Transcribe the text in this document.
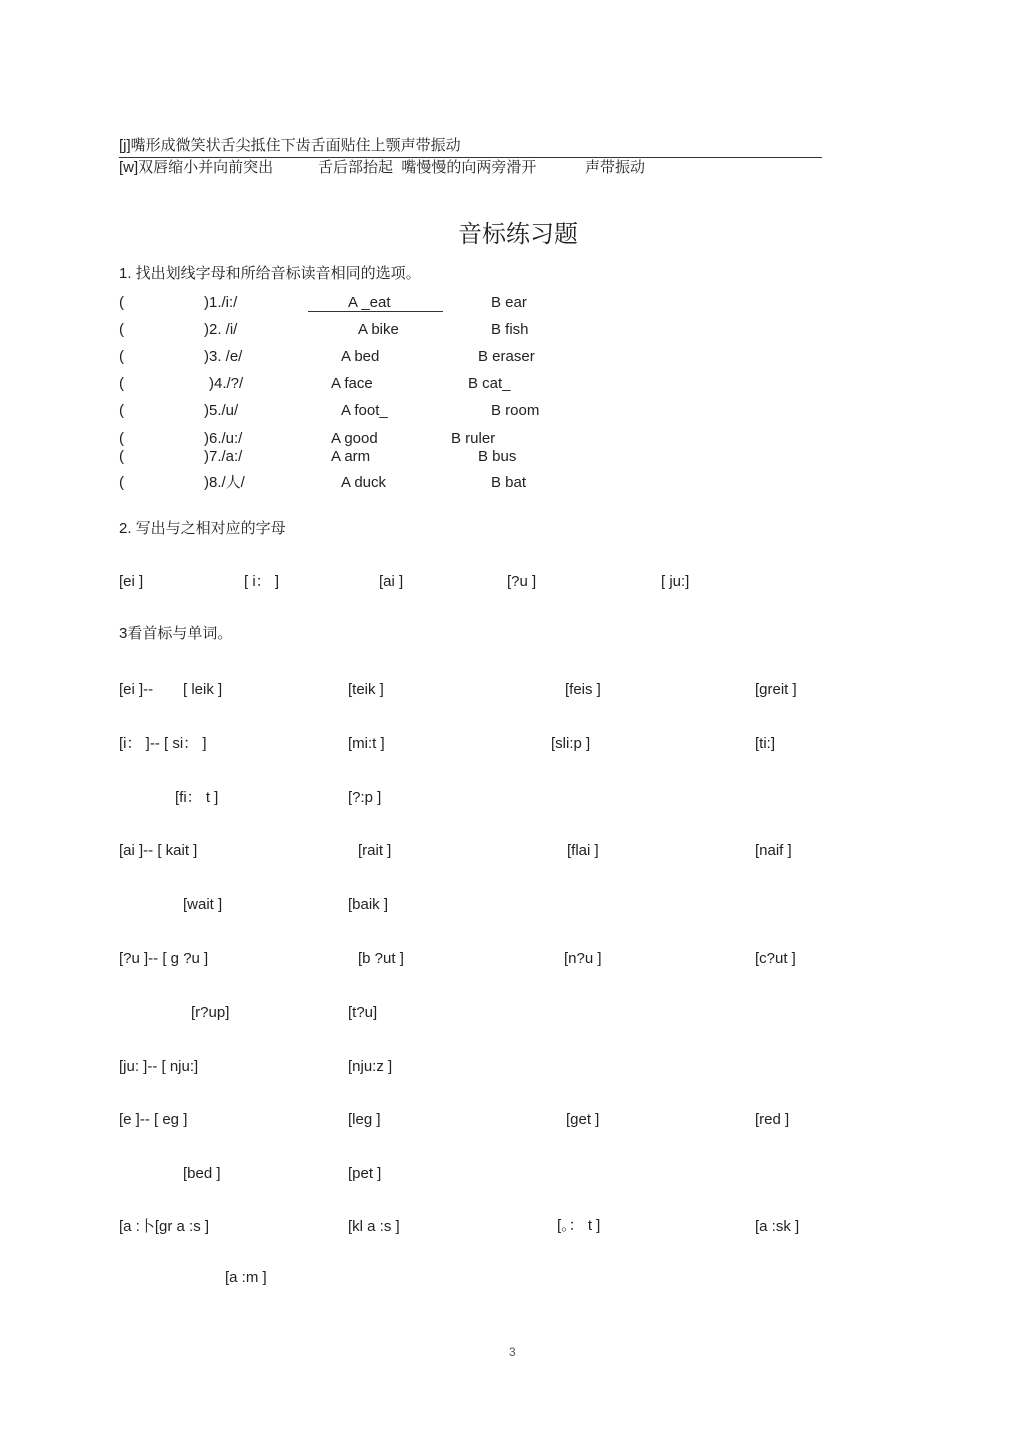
[j]嘴形成微笑状舌尖抵住下齿舌面贴住上颚声带振动
[w]双唇缩小并向前突出	舌后部抬起  嘴慢慢的向两旁滑开	声带振动
音标练习题
1. 找出划线字母和所给音标读音相同的选项。
(	)1./i:/	A _eat	B ear
(	)2. /i/	A bike	B fish
(	)3. /e/	A bed	B eraser
(	)4./?/	A face	B cat_
(	)5./u/	A foot_	B room
(	)6./u:/	A good	B ruler
(	)7./a:/	A arm	B bus
(	)8./人/	A duck	B bat
2. 写出与之相对应的字母
[ei ]	[ i： ]	[ai ]	[?u ]	[ ju:]
3看首标与单词。
[ei ]-- [ leik ]	[teik ]	[feis ]	[greit ]
[i： ]-- [ si： ]	[mi:t ]	[sli:p ]	[ti:]
[fi： t ]	[?:p ]
[ai ]-- [ kait ]	[rait ]	[flai ]	[naif ]
[wait ]	[baik ]
[?u ]-- [ g ?u ]	[b ?ut ]	[n?u ]	[c?ut ]
[r?up]	[t?u]
[ju: ]-- [ nju:]	[nju:z ]
[e ]-- [ eg ]	[leg ]	[get ]	[red ]
[bed ]	[pet ]
[a :卜[gr a :s ]	[kl a :s ]	[。： t ]	[a :sk ]
[a :m ]
3
